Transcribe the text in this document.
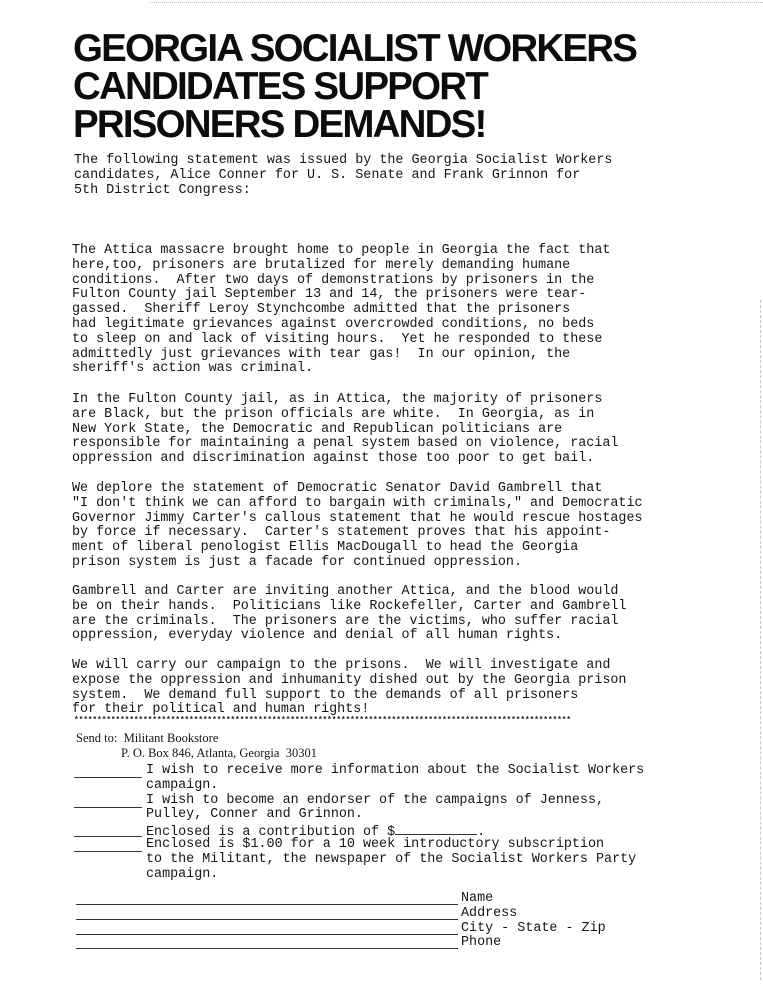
GEORGIA SOCIALIST WORKERS
CANDIDATES SUPPORT
PRISONERS DEMANDS!
The following statement was issued by the Georgia Socialist Workers
candidates, Alice Conner for U. S. Senate and Frank Grinnon for
5th District Congress:
The Attica massacre brought home to people in Georgia the fact that
here,too, prisoners are brutalized for merely demanding humane
conditions.  After two days of demonstrations by prisoners in the
Fulton County jail September 13 and 14, the prisoners were tear-
gassed.  Sheriff Leroy Stynchcombe admitted that the prisoners
had legitimate grievances against overcrowded conditions, no beds
to sleep on and lack of visiting hours.  Yet he responded to these
admittedly just grievances with tear gas!  In our opinion, the
sheriff's action was criminal.
In the Fulton County jail, as in Attica, the majority of prisoners
are Black, but the prison officials are white.  In Georgia, as in
New York State, the Democratic and Republican politicians are
responsible for maintaining a penal system based on violence, racial
oppression and discrimination against those too poor to get bail.
We deplore the statement of Democratic Senator David Gambrell that
"I don't think we can afford to bargain with criminals," and Democratic
Governor Jimmy Carter's callous statement that he would rescue hostages
by force if necessary.  Carter's statement proves that his appoint-
ment of liberal penologist Ellis MacDougall to head the Georgia
prison system is just a facade for continued oppression.
Gambrell and Carter are inviting another Attica, and the blood would
be on their hands.  Politicians like Rockefeller, Carter and Gambrell
are the criminals.  The prisoners are the victims, who suffer racial
oppression, everyday violence and denial of all human rights.
We will carry our campaign to the prisons.  We will investigate and
expose the oppression and inhumanity dished out by the Georgia prison
system.  We demand full support to the demands of all prisoners
for their political and human rights!
************************************************************************************************************
Send to: Militant Bookstore
P. O. Box 846, Atlanta, Georgia  30301

I wish to receive more information about the Socialist Workers

campaign.

I wish to become an endorser of the campaigns of Jenness,

Pulley, Conner and Grinnon.

Enclosed is a contribution of $	.

Enclosed is $1.00 for a 10 week introductory subscription

to the Militant, the newspaper of the Socialist Workers Party
campaign.
Name
Address
City - State - Zip
Phone
